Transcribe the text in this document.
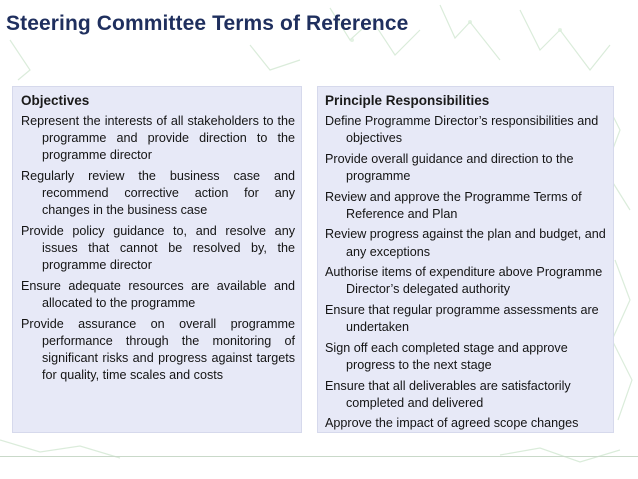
Steering Committee Terms of Reference
Objectives
Represent the interests of all stakeholders to the programme and provide direction to the programme director
Regularly review the business case and recommend corrective action for any changes in the business case
Provide policy guidance to, and resolve any issues that cannot be resolved by, the programme director
Ensure adequate resources are available and allocated to the programme
Provide assurance on overall programme performance through the monitoring of significant risks and progress against targets for quality, time scales and costs
Principle Responsibilities
Define Programme Director’s responsibilities and objectives
Provide overall guidance and direction to the programme
Review and approve the Programme Terms of Reference and Plan
Review progress against the plan and budget, and any exceptions
Authorise items of expenditure above Programme Director’s delegated authority
Ensure that regular programme assessments are undertaken
Sign off each completed stage and approve progress to the next stage
Ensure that all deliverables are satisfactorily completed and delivered
Approve the impact of agreed scope changes
